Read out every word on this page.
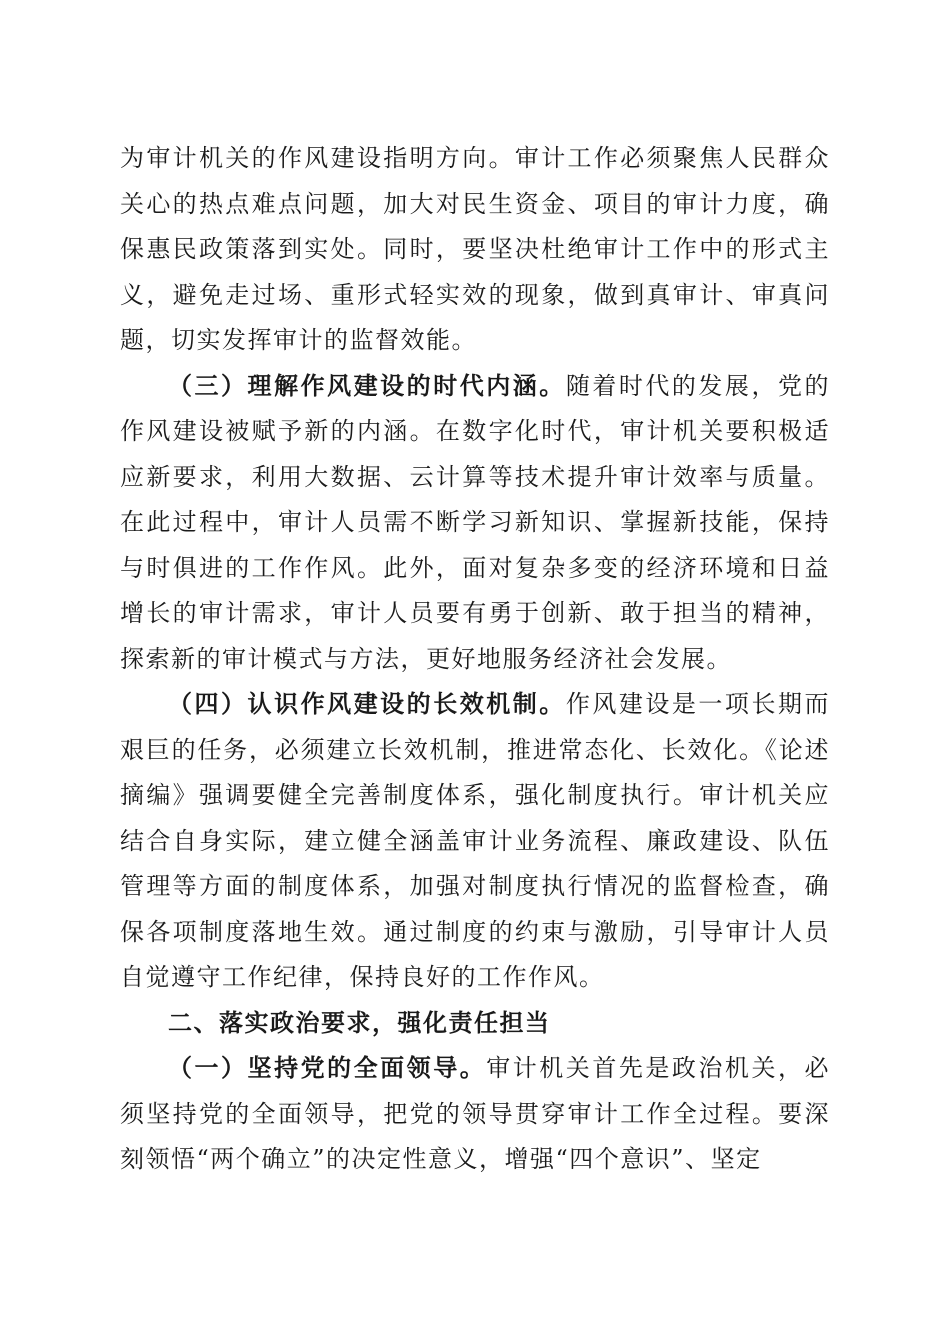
为审计机关的作风建设指明方向。审计工作必须聚焦人民群众关心的热点难点问题，加大对民生资金、项目的审计力度，确保惠民政策落到实处。同时，要坚决杜绝审计工作中的形式主义，避免走过场、重形式轻实效的现象，做到真审计、审真问题，切实发挥审计的监督效能。

（三）理解作风建设的时代内涵。随着时代的发展，党的作风建设被赋予新的内涵。在数字化时代，审计机关要积极适应新要求，利用大数据、云计算等技术提升审计效率与质量。在此过程中，审计人员需不断学习新知识、掌握新技能，保持与时俱进的工作作风。此外，面对复杂多变的经济环境和日益增长的审计需求，审计人员要有勇于创新、敢于担当的精神，探索新的审计模式与方法，更好地服务经济社会发展。

（四）认识作风建设的长效机制。作风建设是一项长期而艰巨的任务，必须建立长效机制，推进常态化、长效化。《论述摘编》强调要健全完善制度体系，强化制度执行。审计机关应结合自身实际，建立健全涵盖审计业务流程、廉政建设、队伍管理等方面的制度体系，加强对制度执行情况的监督检查，确保各项制度落地生效。通过制度的约束与激励，引导审计人员自觉遵守工作纪律，保持良好的工作作风。

二、落实政治要求，强化责任担当

（一）坚持党的全面领导。审计机关首先是政治机关，必须坚持党的全面领导，把党的领导贯穿审计工作全过程。要深刻领悟“两个确立”的决定性意义，增强“四个意识”、坚定
